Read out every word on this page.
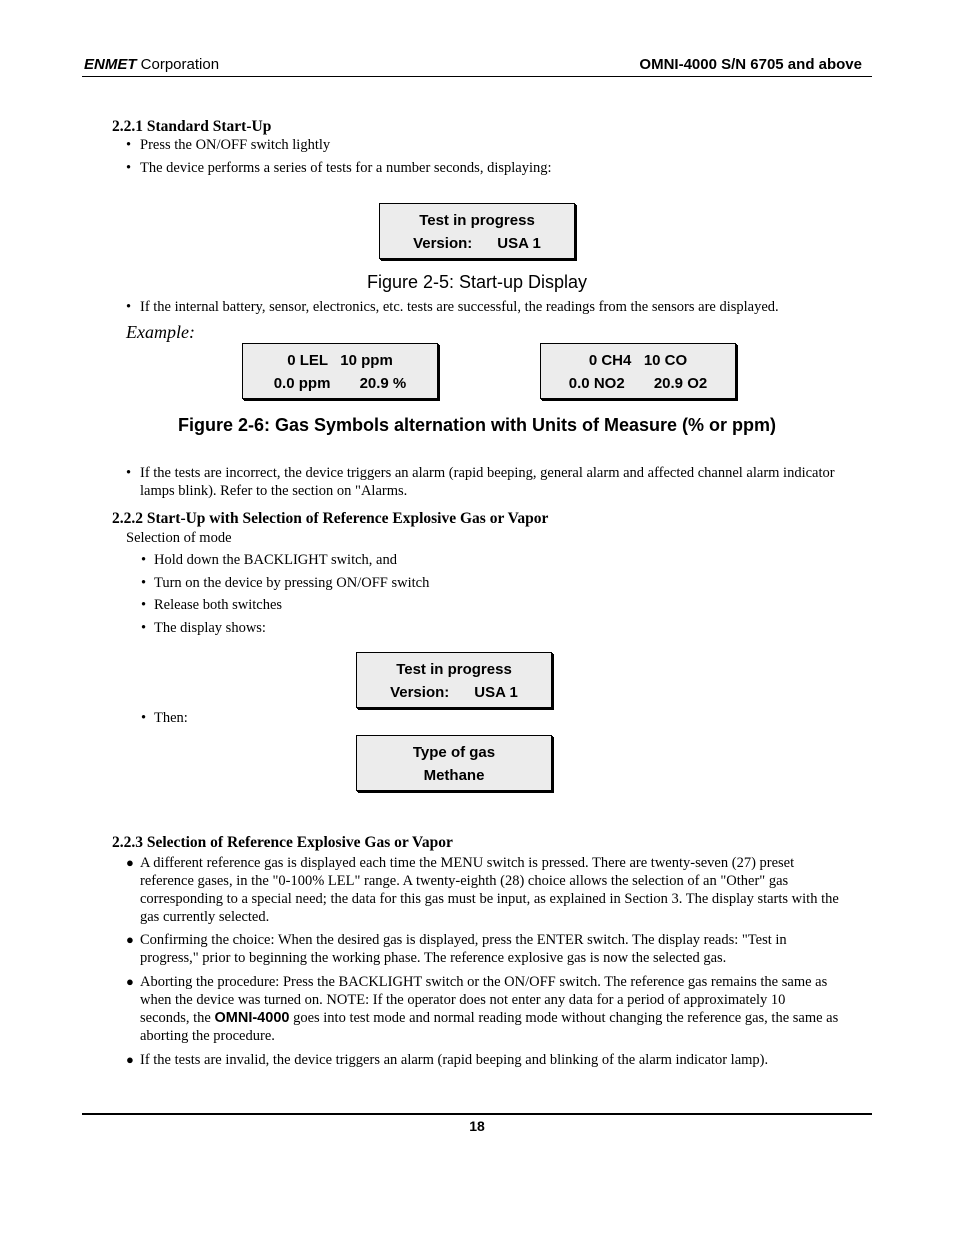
ENMET Corporation	OMNI-4000 S/N 6705 and above
2.2.1 Standard Start-Up
• Press the ON/OFF switch lightly
• The device performs a series of tests for a number seconds, displaying:
Test in progress
Version:      USA 1
Figure 2-5: Start-up Display
• If the internal battery, sensor, electronics, etc. tests are successful, the readings from the sensors are displayed.
Example:
0 LEL   10 ppm
0.0 ppm       20.9 %
0 CH4   10 CO
0.0 NO2       20.9 O2
Figure 2-6: Gas Symbols alternation with Units of Measure (% or ppm)
• If the tests are incorrect, the device triggers an alarm (rapid beeping, general alarm and affected channel alarm indicator
lamps blink). Refer to the section on "Alarms.
2.2.2 Start-Up with Selection of Reference Explosive Gas or Vapor
Selection of mode
• Hold down the BACKLIGHT switch, and
• Turn on the device by pressing ON/OFF switch
• Release both switches
• The display shows:
Test in progress
Version:      USA 1
• Then:
Type of gas
Methane
2.2.3 Selection of Reference Explosive Gas or Vapor
● A different reference gas is displayed each time the MENU switch is pressed. There are twenty-seven (27) preset
reference gases, in the "0-100% LEL" range. A twenty-eighth (28) choice allows the selection of an "Other" gas
corresponding to a special need; the data for this gas must be input, as explained in Section 3. The display starts with the
gas currently selected.
● Confirming the choice: When the desired gas is displayed, press the ENTER switch. The display reads: "Test in
progress," prior to beginning the working phase. The reference explosive gas is now the selected gas.
● Aborting the procedure: Press the BACKLIGHT switch or the ON/OFF switch. The reference gas remains the same as
when the device was turned on. NOTE: If the operator does not enter any data for a period of approximately 10
seconds, the OMNI-4000 goes into test mode and normal reading mode without changing the reference gas, the same as
aborting the procedure.
● If the tests are invalid, the device triggers an alarm (rapid beeping and blinking of the alarm indicator lamp).
18
